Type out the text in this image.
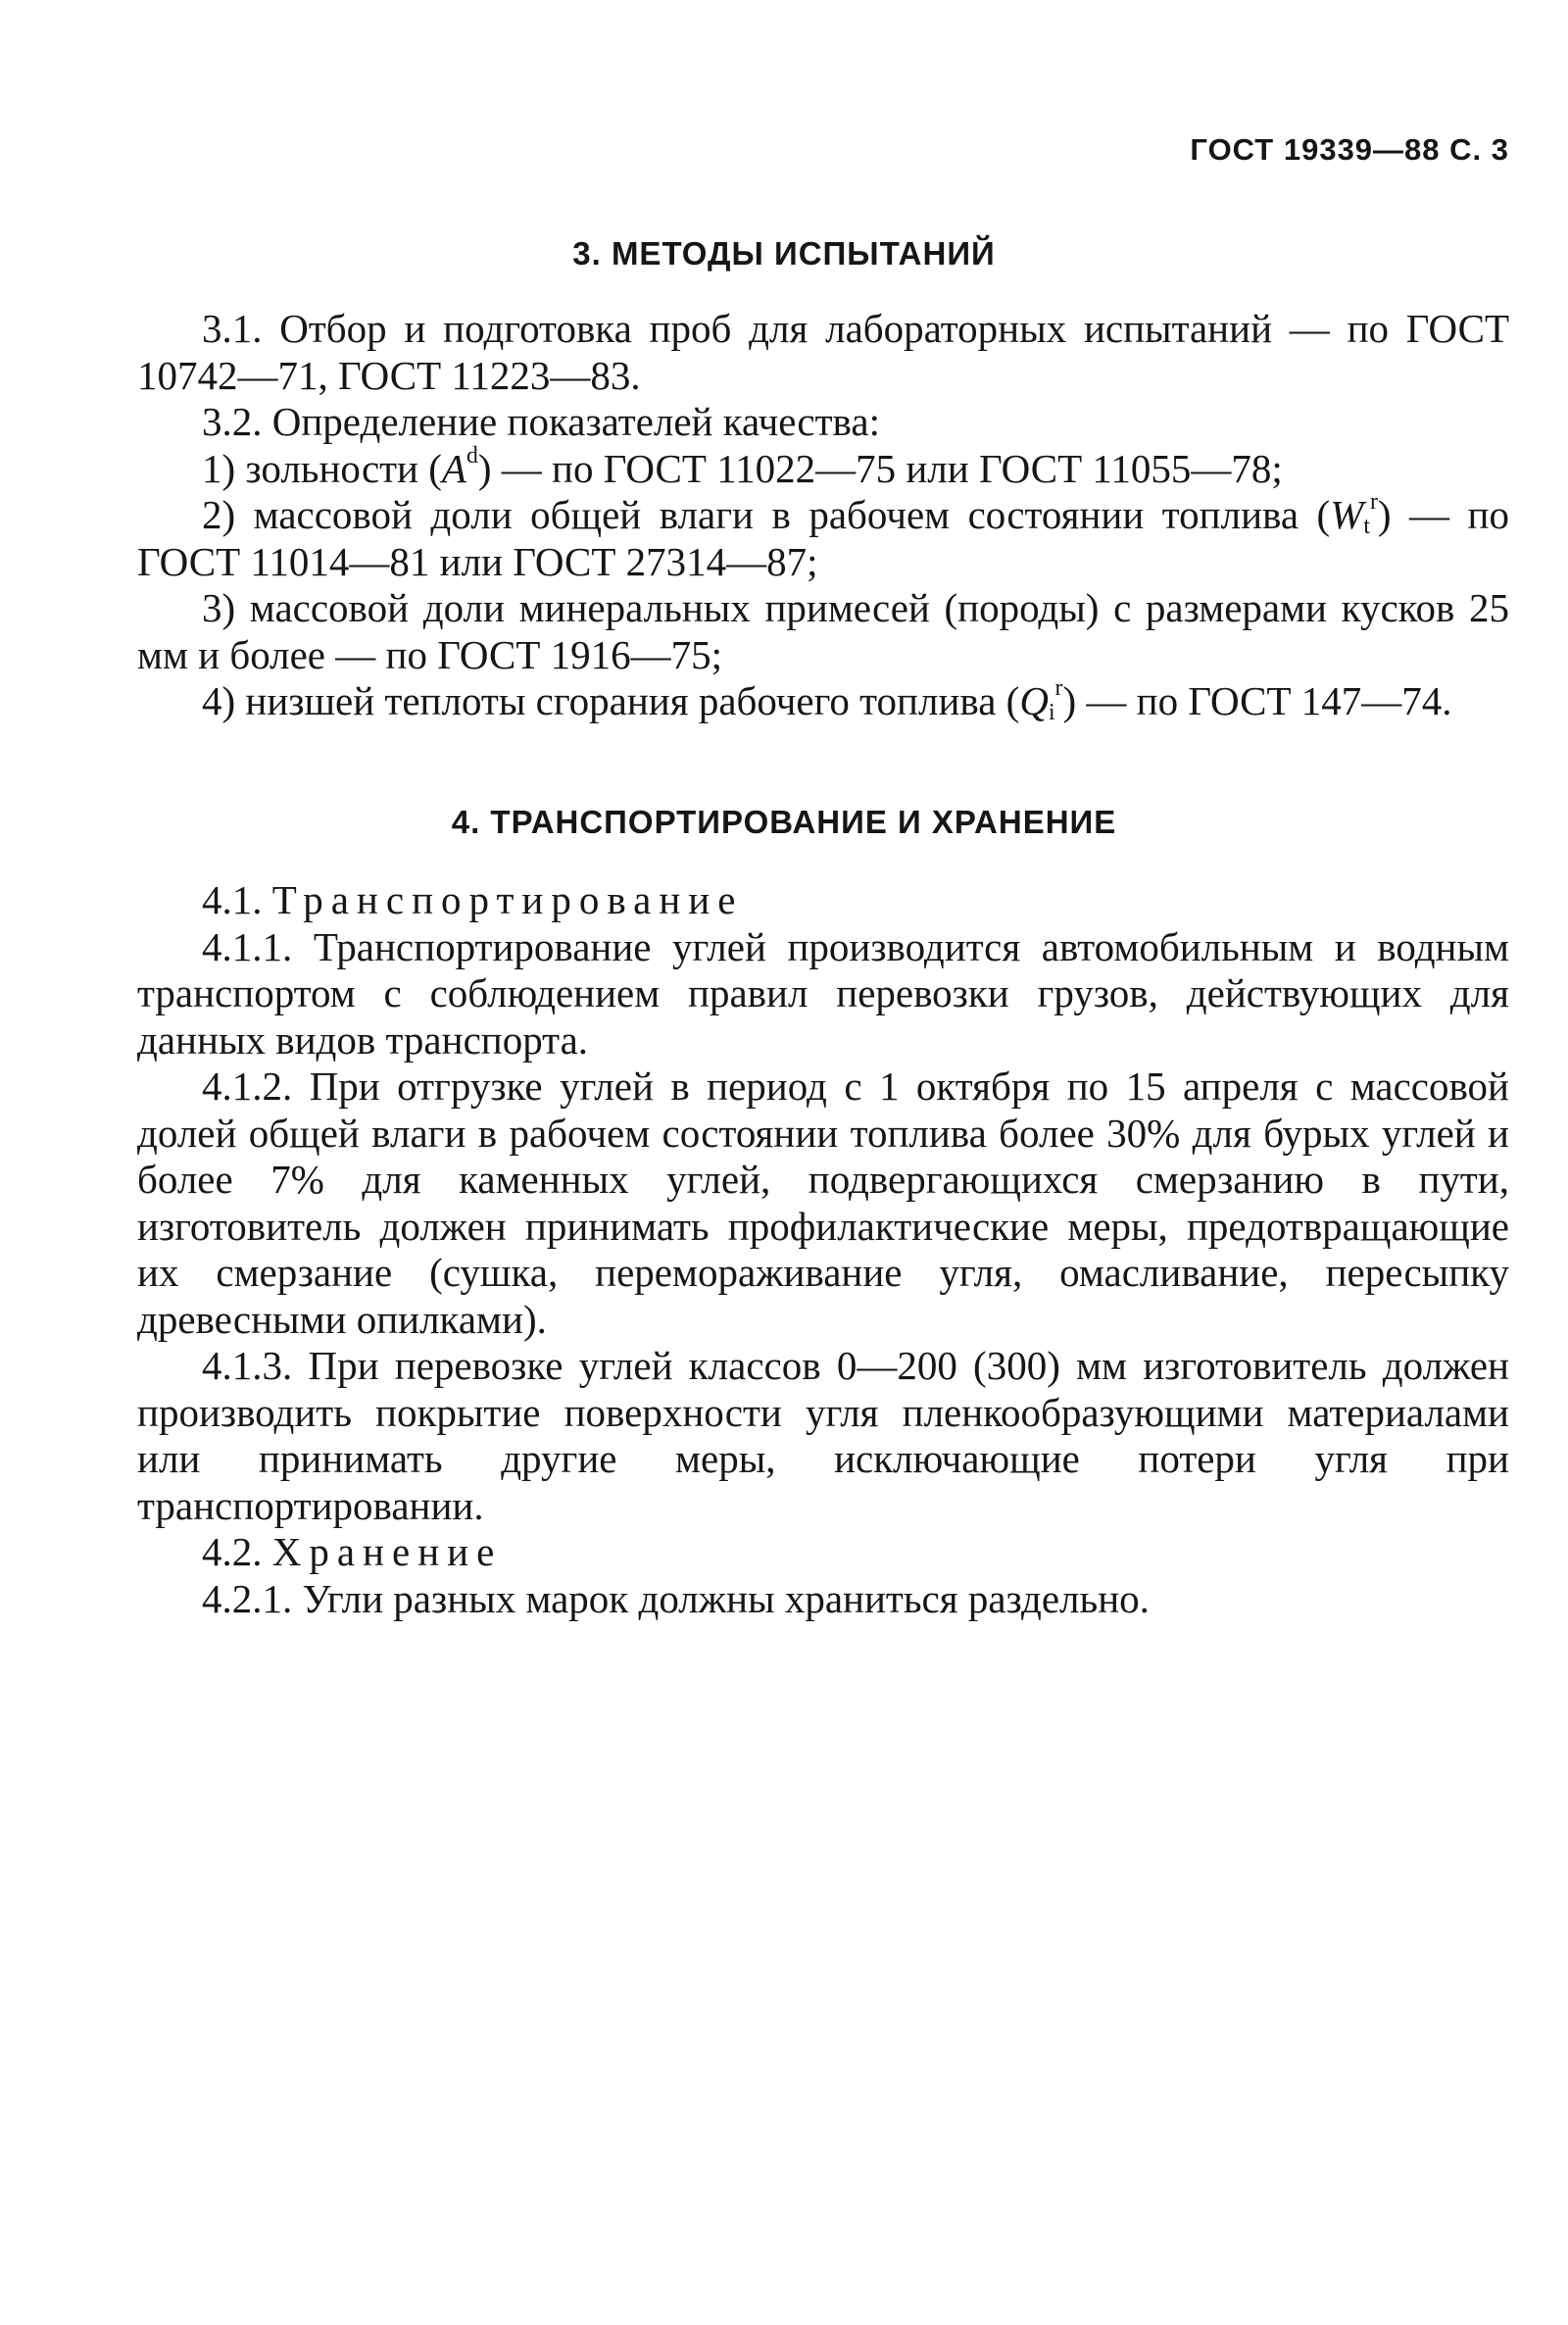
ГОСТ 19339—88 С. 3
3. МЕТОДЫ ИСПЫТАНИЙ

3.1. Отбор и подготовка проб для лабораторных испытаний — по ГОСТ 10742—71, ГОСТ 11223—83.

3.2. Определение показателей качества:

1) зольности $(A^d)$ — по ГОСТ 11022—75 или ГОСТ 11055—78;

2) массовой доли общей влаги в рабочем состоянии топлива $(W_t^r)$ — по ГОСТ 11014—81 или ГОСТ 27314—87;

3) массовой доли минеральных примесей (породы) с размерами кусков 25 мм и более — по ГОСТ 1916—75;

4) низшей теплоты сгорания рабочего топлива $(Q_i^r)$ — по ГОСТ 147—74.

4. ТРАНСПОРТИРОВАНИЕ И ХРАНЕНИЕ

4.1. Транспортирование

4.1.1. Транспортирование углей производится автомобильным и водным транспортом с соблюдением правил перевозки грузов, действующих для данных видов транспорта.

4.1.2. При отгрузке углей в период с 1 октября по 15 апреля с массовой долей общей влаги в рабочем состоянии топлива более 30% для бурых углей и более 7% для каменных углей, подвергающихся смерзанию в пути, изготовитель должен принимать профилактические меры, предотвращающие их смерзание (сушка, перемораживание угля, омасливание, пересыпку древесными опилками).

4.1.3. При перевозке углей классов 0—200 (300) мм изготовитель должен производить покрытие поверхности угля пленкообразующими материалами или принимать другие меры, исключающие потери угля при транспортировании.

4.2. Хранение

4.2.1. Угли разных марок должны храниться раздельно.
